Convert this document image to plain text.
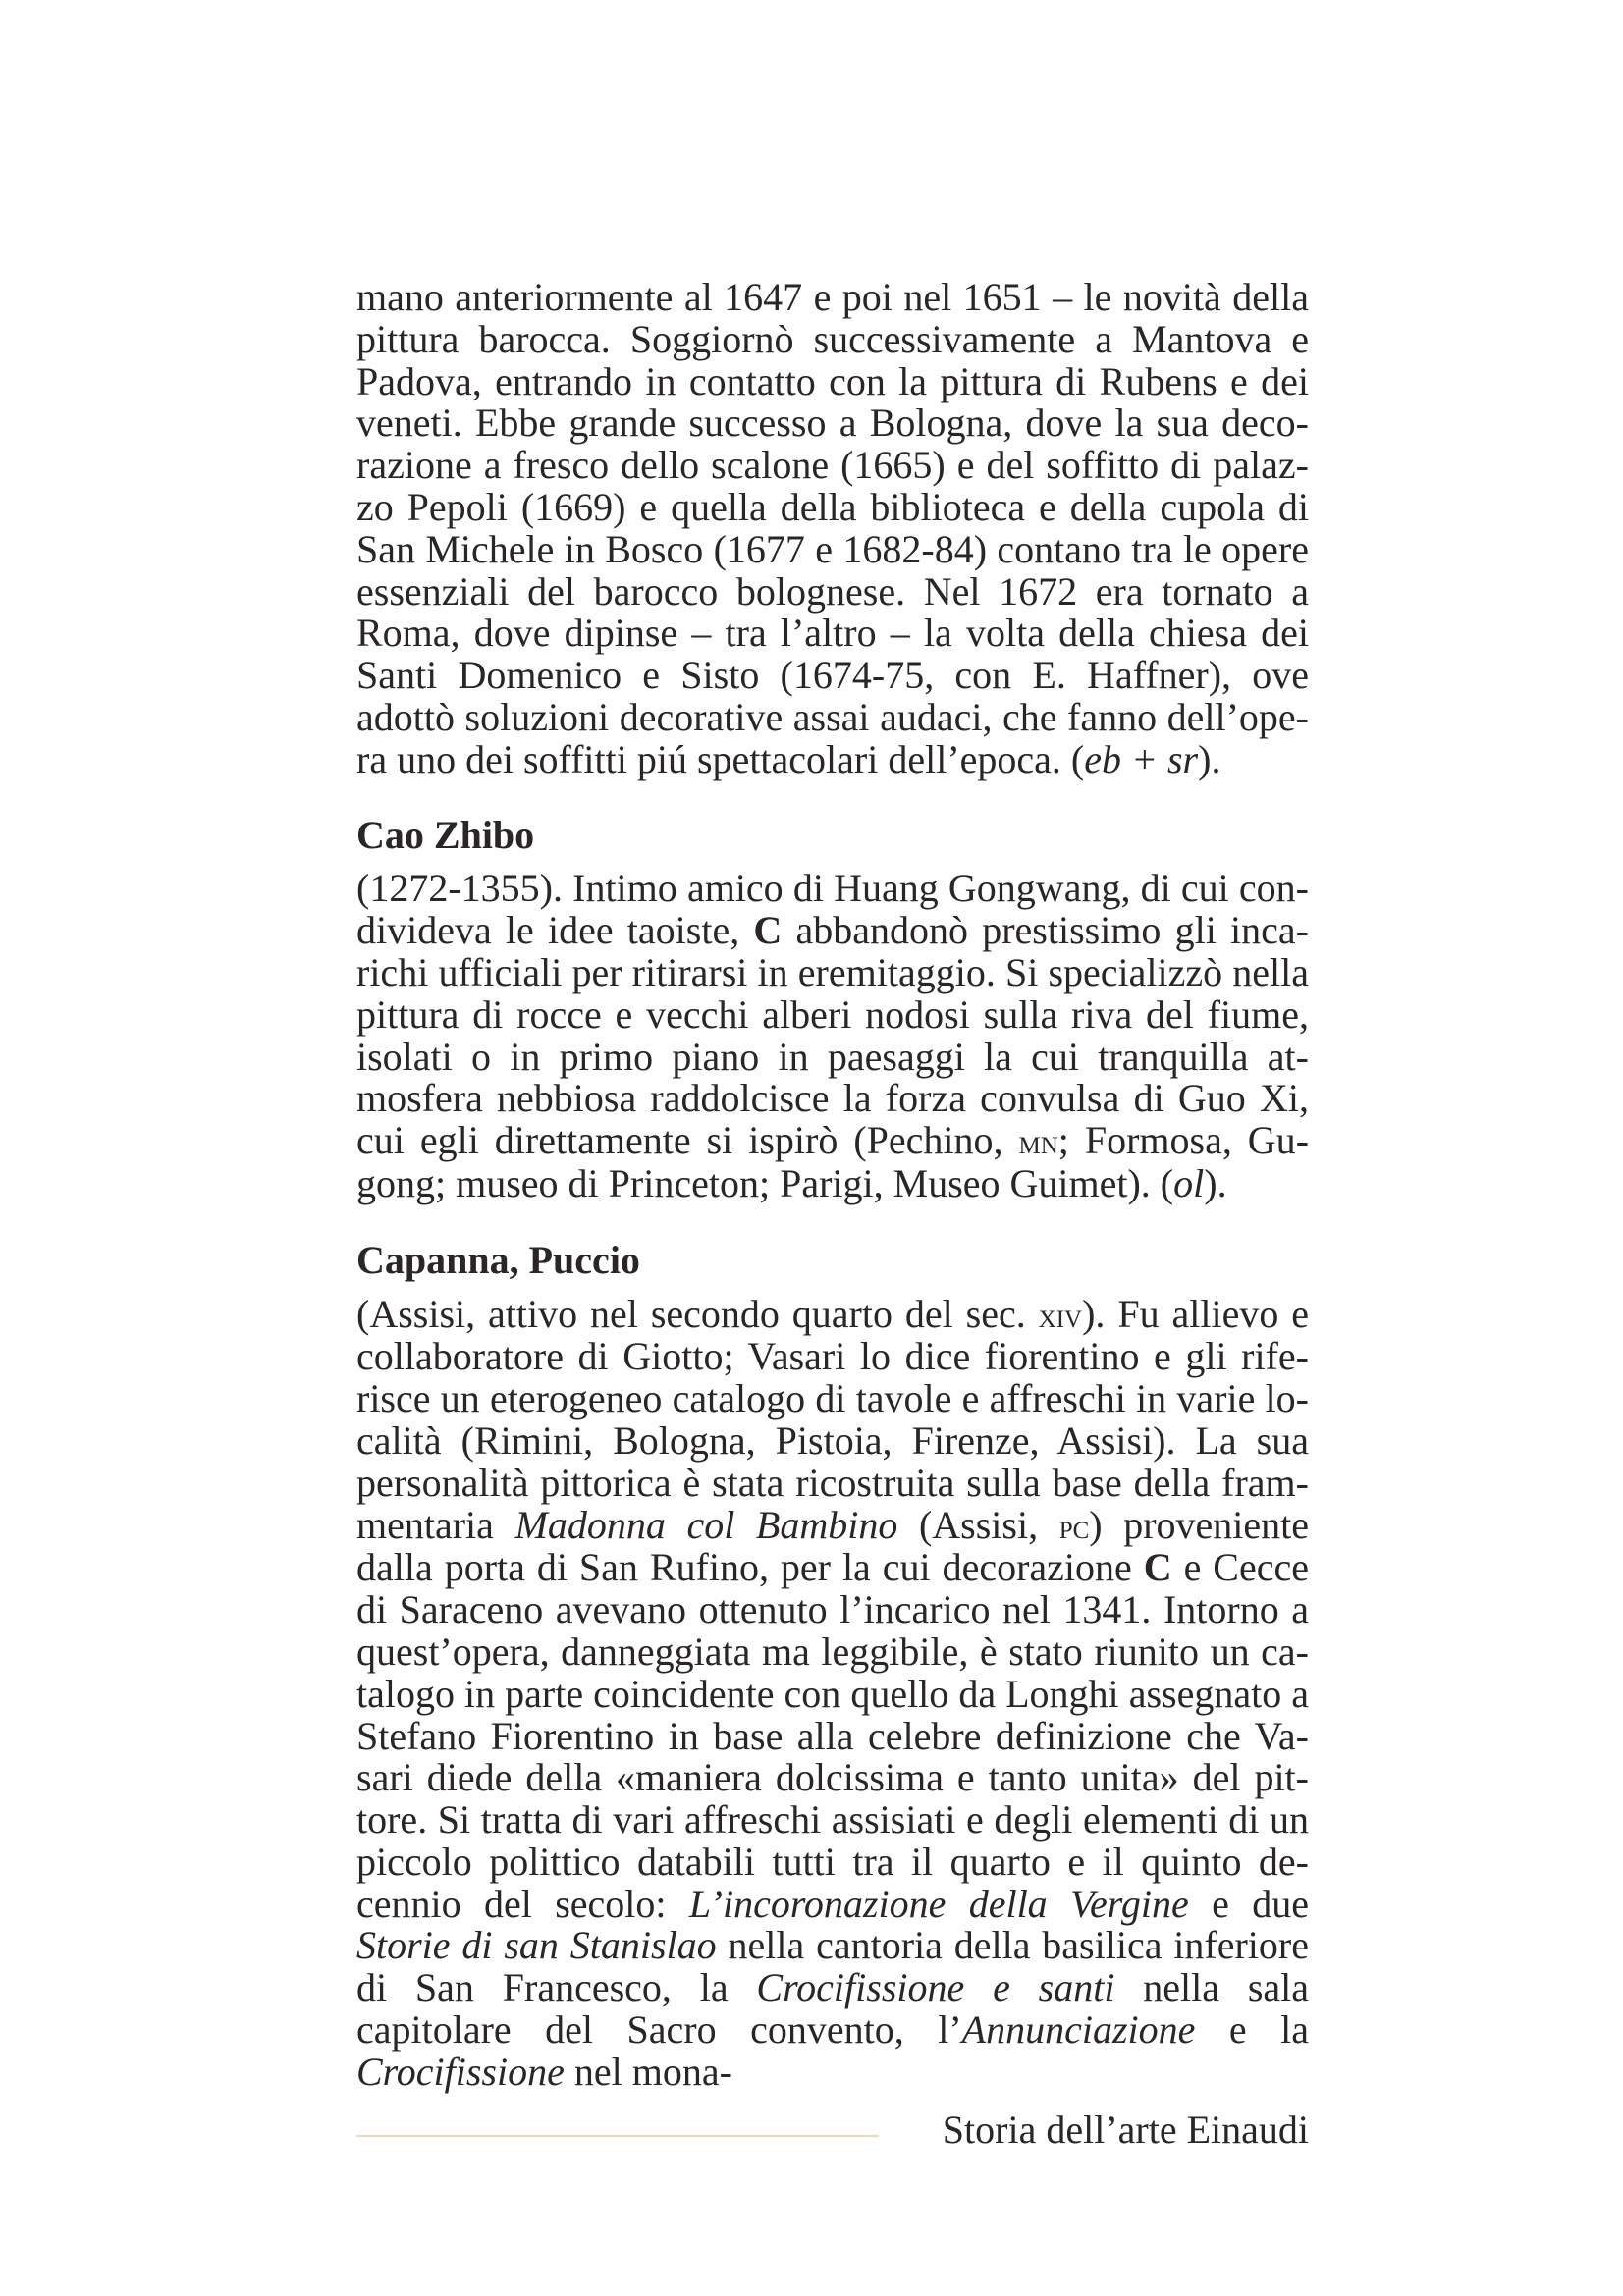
mano anteriormente al 1647 e poi nel 1651 – le novità della pittura barocca. Soggiornò successivamente a Mantova e Padova, entrando in contatto con la pittura di Rubens e dei veneti. Ebbe grande successo a Bologna, dove la sua decorazione a fresco dello scalone (1665) e del soffitto di palazzo Pepoli (1669) e quella della biblioteca e della cupola di San Michele in Bosco (1677 e 1682-84) contano tra le opere essenziali del barocco bolognese. Nel 1672 era tornato a Roma, dove dipinse – tra l’altro – la volta della chiesa dei Santi Domenico e Sisto (1674-75, con E. Haffner), ove adottò soluzioni decorative assai audaci, che fanno dell’opera uno dei soffitti piú spettacolari dell’epoca. (eb + sr).

Cao Zhibo

(1272-1355). Intimo amico di Huang Gongwang, di cui condivideva le idee taoiste, C abbandonò prestissimo gli incarichi ufficiali per ritirarsi in eremitaggio. Si specializzò nella pittura di rocce e vecchi alberi nodosi sulla riva del fiume, isolati o in primo piano in paesaggi la cui tranquilla atmosfera nebbiosa raddolcisce la forza convulsa di Guo Xi, cui egli direttamente si ispirò (Pechino, mn; Formosa, Gugong; museo di Princeton; Parigi, Museo Guimet). (ol).

Capanna, Puccio

(Assisi, attivo nel secondo quarto del sec. xiv). Fu allievo e collaboratore di Giotto; Vasari lo dice fiorentino e gli riferisce un eterogeneo catalogo di tavole e affreschi in varie località (Rimini, Bologna, Pistoia, Firenze, Assisi). La sua personalità pittorica è stata ricostruita sulla base della frammentaria Madonna col Bambino (Assisi, pc) proveniente dalla porta di San Rufino, per la cui decorazione C e Cecce di Saraceno avevano ottenuto l’incarico nel 1341. Intorno a quest’opera, danneggiata ma leggibile, è stato riunito un catalogo in parte coincidente con quello da Longhi assegnato a Stefano Fiorentino in base alla celebre definizione che Vasari diede della «maniera dolcissima e tanto unita» del pittore. Si tratta di vari affreschi assisiati e degli elementi di un piccolo polittico databili tutti tra il quarto e il quinto decennio del secolo: L’incoronazione della Vergine e due Storie di san Stanislao nella cantoria della basilica inferiore di San Francesco, la Crocifissione e santi nella sala capitolare del Sacro convento, l’Annunciazione e la Crocifissione nel mona-

Storia dell’arte Einaudi
